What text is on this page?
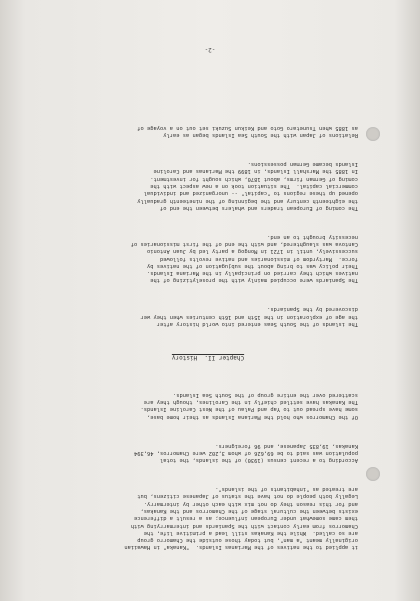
it applied to the natives of the Marianas Islands.  "Kanaka" in Hawaiian
originally meant "a man", but today those outside the Chamorro group
are so called.  While the Kanakas still lead a primitive life, the
Chamorros from early contact with the Spaniards and intermarrying with
them came somewhat under European influence; as a result a difference
exists between the cultural stage of the Chamorros and the Kanakas,
and for this reason they do not mix with each other by intermarry.
Legally both people do not have the status of Japanese citizens, but
are treated as "inhabitants of the islands".

According to a recent census (1930) of the islands, the total
population was said to be 69,626 of whom 3,202 were Chamorros, 46,394
Kanakas, 19,835 Japanese, and 96 foreigners.

Of the Chamorros who hold the Mariana Islands as their home base,
some have spread out to Yap and Palau of the West Caroline Islands.
The Kanakas have settled chiefly in the Carolines, though they are
scattered over the entire group of the South Sea Islands.

Chapter II.  History

The islands of the South Seas entered into world history after
the age of exploration in the 15th and 16th centuries when they wer
discovered by the Spaniards.

The Spaniards were occupied mainly with the proselytizing of the
natives which they carried on principally in the Mariana Islands.
Their policy was to bring about the subjugation of the natives by
force.  Martyrdom of missionaries and native revolts followed
successively, until in 1721 in Mongog a party led by Juan Antonio
Cantova was slaughtered, and with the end of the first missionaries of
necessity brought to an end.

The coming of European traders and whalers between the end of
the eighteenth century and the beginning of the nineteenth gradually
opened up these regions to "capital" -- unorganized and individual
commercial capital.  The situation took on a new aspect with the
coming of German firms, about 1870, which sought for investment.
In 1885 the Marshall Islands, in 1899 the Marianas and Caroline
Islands became German possessions.

Relations of Japan with the South Sea Islands began as early
as 1885 when Tsunetaro Goto and Keikun Suzuki set out on a voyage of

-2-
